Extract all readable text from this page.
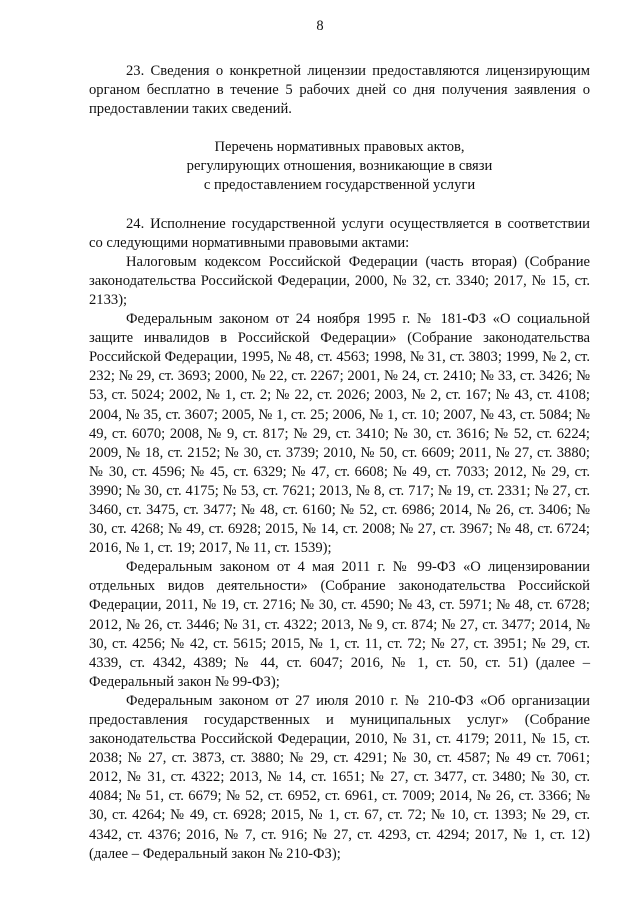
8

23. Сведения о конкретной лицензии предоставляются лицензирующим органом бесплатно в течение 5 рабочих дней со дня получения заявления о предоставлении таких сведений.

Перечень нормативных правовых актов,
регулирующих отношения, возникающие в связи
с предоставлением государственной услуги

24. Исполнение государственной услуги осуществляется в соответствии со следующими нормативными правовыми актами:

Налоговым кодексом Российской Федерации (часть вторая) (Собрание законодательства Российской Федерации, 2000, № 32, ст. 3340; 2017, № 15, ст. 2133);

Федеральным законом от 24 ноября 1995 г. № 181-ФЗ «О социальной защите инвалидов в Российской Федерации» (Собрание законодательства Российской Федерации, 1995, № 48, ст. 4563; 1998, № 31, ст. 3803; 1999, № 2, ст. 232; № 29, ст. 3693; 2000, № 22, ст. 2267; 2001, № 24, ст. 2410; № 33, ст. 3426; № 53, ст. 5024; 2002, № 1, ст. 2; № 22, ст. 2026; 2003, № 2, ст. 167; № 43, ст. 4108; 2004, № 35, ст. 3607; 2005, № 1, ст. 25; 2006, № 1, ст. 10; 2007, № 43, ст. 5084; № 49, ст. 6070; 2008, № 9, ст. 817; № 29, ст. 3410; № 30, ст. 3616; № 52, ст. 6224; 2009, № 18, ст. 2152; № 30, ст. 3739; 2010, № 50, ст. 6609; 2011, № 27, ст. 3880; № 30, ст. 4596; № 45, ст. 6329; № 47, ст. 6608; № 49, ст. 7033; 2012, № 29, ст. 3990; № 30, ст. 4175; № 53, ст. 7621; 2013, № 8, ст. 717; № 19, ст. 2331; № 27, ст. 3460, ст. 3475, ст. 3477; № 48, ст. 6160; № 52, ст. 6986; 2014, № 26, ст. 3406; № 30, ст. 4268; № 49, ст. 6928; 2015, № 14, ст. 2008; № 27, ст. 3967; № 48, ст. 6724; 2016, № 1, ст. 19; 2017, № 11, ст. 1539);

Федеральным законом от 4 мая 2011 г. № 99-ФЗ «О лицензировании отдельных видов деятельности» (Собрание законодательства Российской Федерации, 2011, № 19, ст. 2716; № 30, ст. 4590; № 43, ст. 5971; № 48, ст. 6728; 2012, № 26, ст. 3446; № 31, ст. 4322; 2013, № 9, ст. 874; № 27, ст. 3477; 2014, № 30, ст. 4256; № 42, ст. 5615; 2015, № 1, ст. 11, ст. 72; № 27, ст. 3951; № 29, ст. 4339, ст. 4342, 4389; № 44, ст. 6047; 2016, № 1, ст. 50, ст. 51) (далее – Федеральный закон № 99-ФЗ);

Федеральным законом от 27 июля 2010 г. № 210-ФЗ «Об организации предоставления государственных и муниципальных услуг» (Собрание законодательства Российской Федерации, 2010, № 31, ст. 4179; 2011, № 15, ст. 2038; № 27, ст. 3873, ст. 3880; № 29, ст. 4291; № 30, ст. 4587; № 49 ст. 7061; 2012, № 31, ст. 4322; 2013, № 14, ст. 1651; № 27, ст. 3477, ст. 3480; № 30, ст. 4084; № 51, ст. 6679; № 52, ст. 6952, ст. 6961, ст. 7009; 2014, № 26, ст. 3366; № 30, ст. 4264; № 49, ст. 6928; 2015, № 1, ст. 67, ст. 72; № 10, ст. 1393; № 29, ст. 4342, ст. 4376; 2016, № 7, ст. 916; № 27, ст. 4293, ст. 4294; 2017, № 1, ст. 12) (далее – Федеральный закон № 210-ФЗ);
